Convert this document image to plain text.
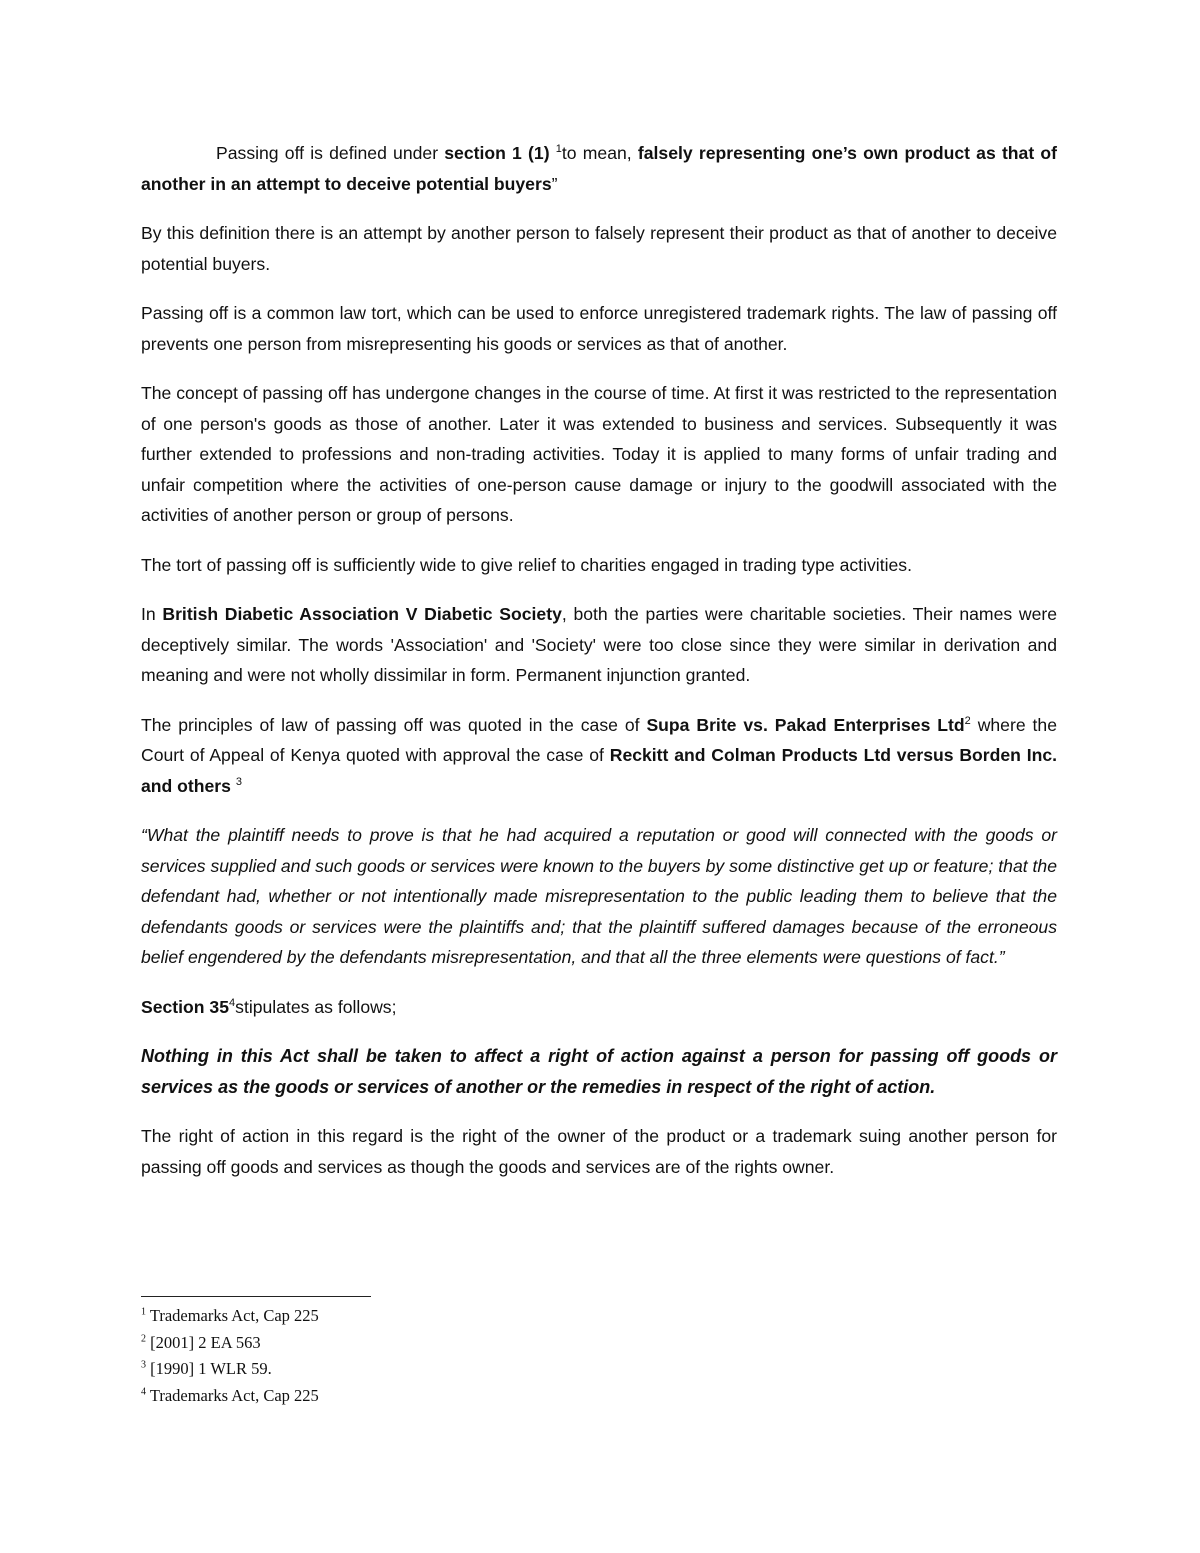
Passing off is defined under section 1 (1) $^1$to mean, falsely representing one’s own product as that of another in an attempt to deceive potential buyers”

By this definition there is an attempt by another person to falsely represent their product as that of another to deceive potential buyers.

Passing off is a common law tort, which can be used to enforce unregistered trademark rights. The law of passing off prevents one person from misrepresenting his goods or services as that of another.

The concept of passing off has undergone changes in the course of time. At first it was restricted to the representation of one person's goods as those of another. Later it was extended to business and services. Subsequently it was further extended to professions and non-trading activities. Today it is applied to many forms of unfair trading and unfair competition where the activities of one-person cause damage or injury to the goodwill associated with the activities of another person or group of persons.

The tort of passing off is sufficiently wide to give relief to charities engaged in trading type activities.

In British Diabetic Association V Diabetic Society, both the parties were charitable societies. Their names were deceptively similar. The words 'Association' and 'Society' were too close since they were similar in derivation and meaning and were not wholly dissimilar in form. Permanent injunction granted.

The principles of law of passing off was quoted in the case of Supa Brite vs. Pakad Enterprises Ltd$^2$ where the Court of Appeal of Kenya quoted with approval the case of Reckitt and Colman Products Ltd versus Borden Inc. and others $^3$

“What the plaintiff needs to prove is that he had acquired a reputation or good will connected with the goods or services supplied and such goods or services were known to the buyers by some distinctive get up or feature; that the defendant had, whether or not intentionally made misrepresentation to the public leading them to believe that the defendants goods or services were the plaintiffs and; that the plaintiff suffered damages because of the erroneous belief engendered by the defendants misrepresentation, and that all the three elements were questions of fact.”

Section $35^4stipulates$ as follows;

Nothing in this Act shall be taken to affect a right of action against a person for passing off goods or services as the goods or services of another or the remedies in respect of the right of action.

The right of action in this regard is the right of the owner of the product or a trademark suing another person for passing off goods and services as though the goods and services are of the rights owner.

$^1$ Trademarks Act, Cap 225
$^2$ [2001] 2 EA 563
$^3$ [1990] 1 WLR 59.
$^4$ Trademarks Act, Cap 225
